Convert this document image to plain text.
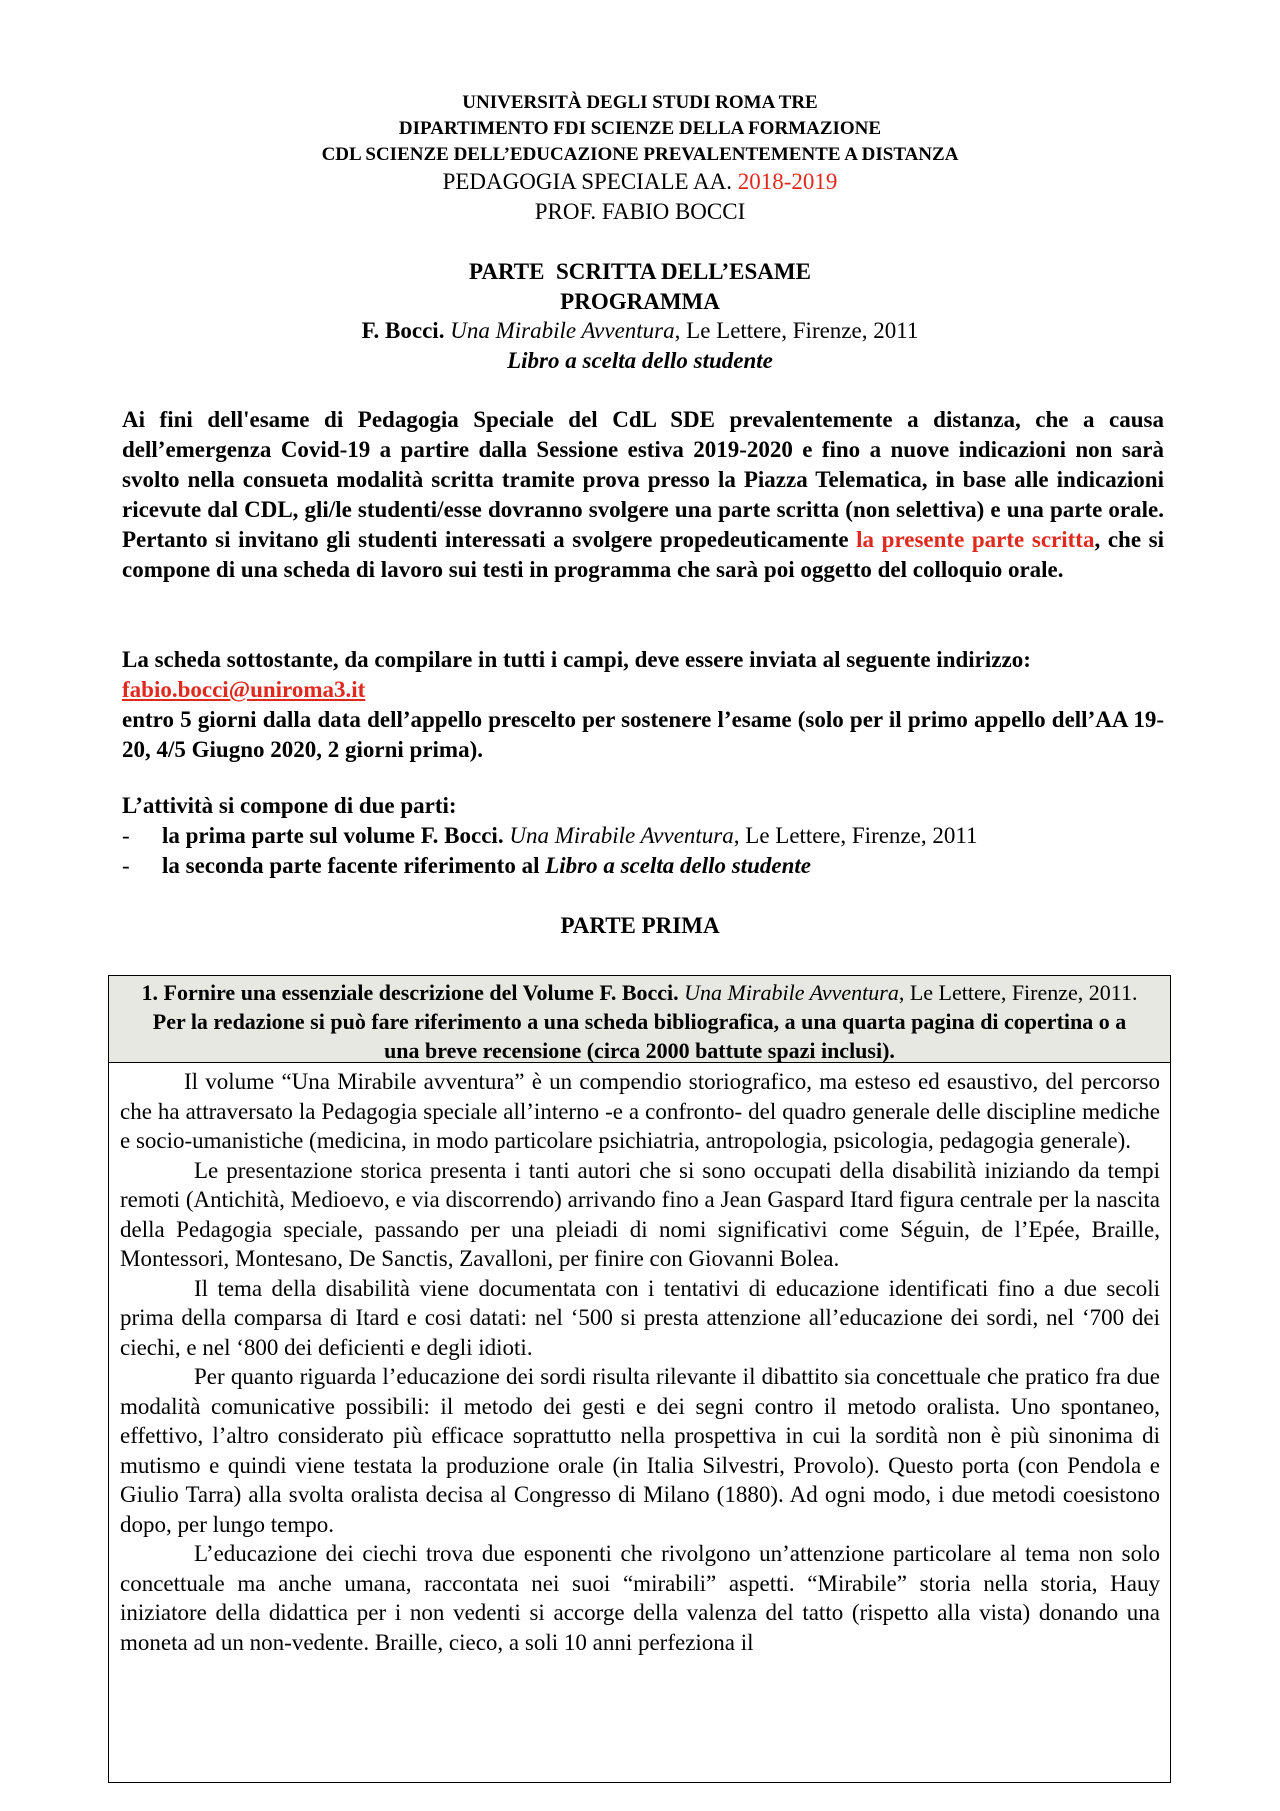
UNIVERSITÀ DEGLI STUDI ROMA TRE
DIPARTIMENTO FDI SCIENZE DELLA FORMAZIONE
CDL SCIENZE DELL’EDUCAZIONE PREVALENTEMENTE A DISTANZA
PEDAGOGIA SPECIALE AA. 2018-2019
PROF. FABIO BOCCI
PARTE  SCRITTA DELL’ESAME
PROGRAMMA
F. Bocci. Una Mirabile Avventura, Le Lettere, Firenze, 2011
Libro a scelta dello studente
Ai fini dell'esame di Pedagogia Speciale del CdL SDE prevalentemente a distanza, che a causa dell’emergenza Covid-19 a partire dalla Sessione estiva 2019-2020 e fino a nuove indicazioni non sarà svolto nella consueta modalità scritta tramite prova presso la Piazza Telematica, in base alle indicazioni ricevute dal CDL, gli/le studenti/esse dovranno svolgere una parte scritta (non selettiva) e una parte orale. Pertanto si invitano gli studenti interessati a svolgere propedeuticamente la presente parte scritta, che si compone di una scheda di lavoro sui testi in programma che sarà poi oggetto del colloquio orale.
La scheda sottostante, da compilare in tutti i campi, deve essere inviata al seguente indirizzo:
fabio.bocci@uniroma3.it
entro 5 giorni dalla data dell’appello prescelto per sostenere l’esame (solo per il primo appello dell’AA 19-20, 4/5 Giugno 2020, 2 giorni prima).
L’attività si compone di due parti:
- la prima parte sul volume F. Bocci. Una Mirabile Avventura, Le Lettere, Firenze, 2011
- la seconda parte facente riferimento al Libro a scelta dello studente
PARTE PRIMA
1. Fornire una essenziale descrizione del Volume F. Bocci. Una Mirabile Avventura, Le Lettere, Firenze, 2011. Per la redazione si può fare riferimento a una scheda bibliografica, a una quarta pagina di copertina o a una breve recensione (circa 2000 battute spazi inclusi).

Il volume “Una Mirabile avventura” è un compendio storiografico, ma esteso ed esaustivo, del percorso che ha attraversato la Pedagogia speciale all’interno -e a confronto- del quadro generale delle discipline mediche e socio-umanistiche (medicina, in modo particolare psichiatria, antropologia, psicologia, pedagogia generale).

Le presentazione storica presenta i tanti autori che si sono occupati della disabilità iniziando da tempi remoti (Antichità, Medioevo, e via discorrendo) arrivando fino a Jean Gaspard Itard figura centrale per la nascita della Pedagogia speciale, passando per una pleiadi di nomi significativi come Séguin, de l’Epée, Braille, Montessori, Montesano, De Sanctis, Zavalloni, per finire con Giovanni Bolea.

Il tema della disabilità viene documentata con i tentativi di educazione identificati fino a due secoli prima della comparsa di Itard e cosi datati: nel ‘500 si presta attenzione all’educazione dei sordi, nel ‘700 dei ciechi, e nel ‘800 dei deficienti e degli idioti.

Per quanto riguarda l’educazione dei sordi risulta rilevante il dibattito sia concettuale che pratico fra due modalità comunicative possibili: il metodo dei gesti e dei segni contro il metodo oralista. Uno spontaneo, effettivo, l’altro considerato più efficace soprattutto nella prospettiva in cui la sordità non è più sinonima di mutismo e quindi viene testata la produzione orale (in Italia Silvestri, Provolo). Questo porta (con Pendola e Giulio Tarra) alla svolta oralista decisa al Congresso di Milano (1880). Ad ogni modo, i due metodi coesistono dopo, per lungo tempo.

L’educazione dei ciechi trova due esponenti che rivolgono un’attenzione particolare al tema non solo concettuale ma anche umana, raccontata nei suoi “mirabili” aspetti. “Mirabile” storia nella storia, Hauy iniziatore della didattica per i non vedenti si accorge della valenza del tatto (rispetto alla vista) donando una moneta ad un non-vedente. Braille, cieco, a soli 10 anni perfeziona il
